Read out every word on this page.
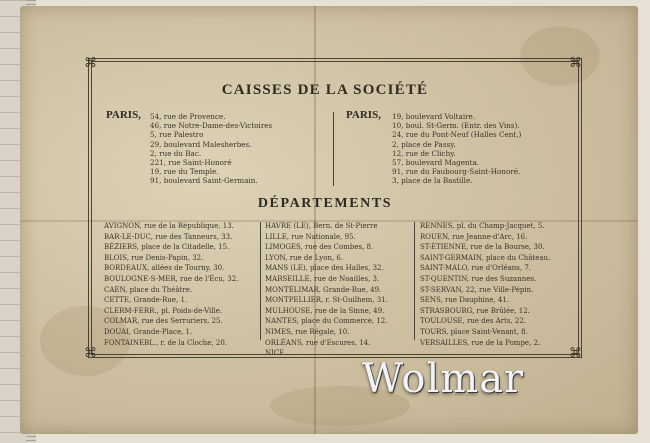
⌘	⌘
⌘	⌘
CAISSES DE LA SOCIÉTÉ
PARIS, 54, rue de Provence.
46, rue Notre-Dame-des-Victoires
5, rue Palestro
29, boulevard Malesherbes.
2, rue du Bac.
221, rue Saint-Honoré
19, rue du Temple.
91, boulevard Saint-Germain.
PARIS, 19, boulevard Voltaire.
10, boul. St-Germ. (Entr. des Vins).
24, rue du Pont-Neuf (Halles Cent.)
2, place de Passy.
12, rue de Clichy.
57, boulevard Magenta.
91, rue du Faubourg-Saint-Honoré.
3, place de la Bastille.
DÉPARTEMENTS
AVIGNON, rue de la République, 13.
BAR-LE-DUC, rue des Tanneurs, 33.
BÉZIERS, place de la Citadelle, 15.
BLOIS, rue Denis-Papin, 32.
BORDEAUX, allées de Tourny, 30.
BOULOGNE-S-MER, rue de l'Écu, 32.
CAEN, place du Théâtre.
CETTE, Grande-Rue, 1.
CLERM-FERR., pl. Poids-de-Ville.
COLMAR, rue des Serruriers, 25.
DOUAI, Grande-Place, 1.
FONTAINEBL., r. de la Cloche, 20.
HAVRE (LE), Bern. de St-Pierre
LILLE, rue Nationale, 95.
LIMOGES, rue des Combes, 8.
LYON, rue de Lyon, 6.
MANS (LE), place des Halles, 32.
MARSEILLE, rue de Noailles, 3.
MONTÉLIMAR, Grande-Rue, 49.
MONTPELLIER, r. St-Guilhem, 31.
MULHOUSE, rue de la Sinne, 49.
NANTES, place du Commerce, 12.
NIMES, rue Régale, 10.
ORLÉANS, rue d'Escures, 14.
NICE.
RENNES, pl. du Champ-Jacquet, 5.
ROUEN, rue Jeanne-d'Arc, 16.
ST-ÉTIENNE, rue de la Bourse, 30.
SAINT-GERMAIN, place du Château.
SAINT-MALO, rue d'Orléans, 7.
ST-QUENTIN, rue des Suzannes.
ST-SERVAN, 22, rue Ville-Pépin.
SENS, rue Dauphine, 41.
STRASBOURG, rue Brûlée, 12.
TOULOUSE, rue des Arts, 22.
TOURS, place Saint-Venant, 8.
VERSAILLES, rue de la Pompe, 2.
Wolmar
